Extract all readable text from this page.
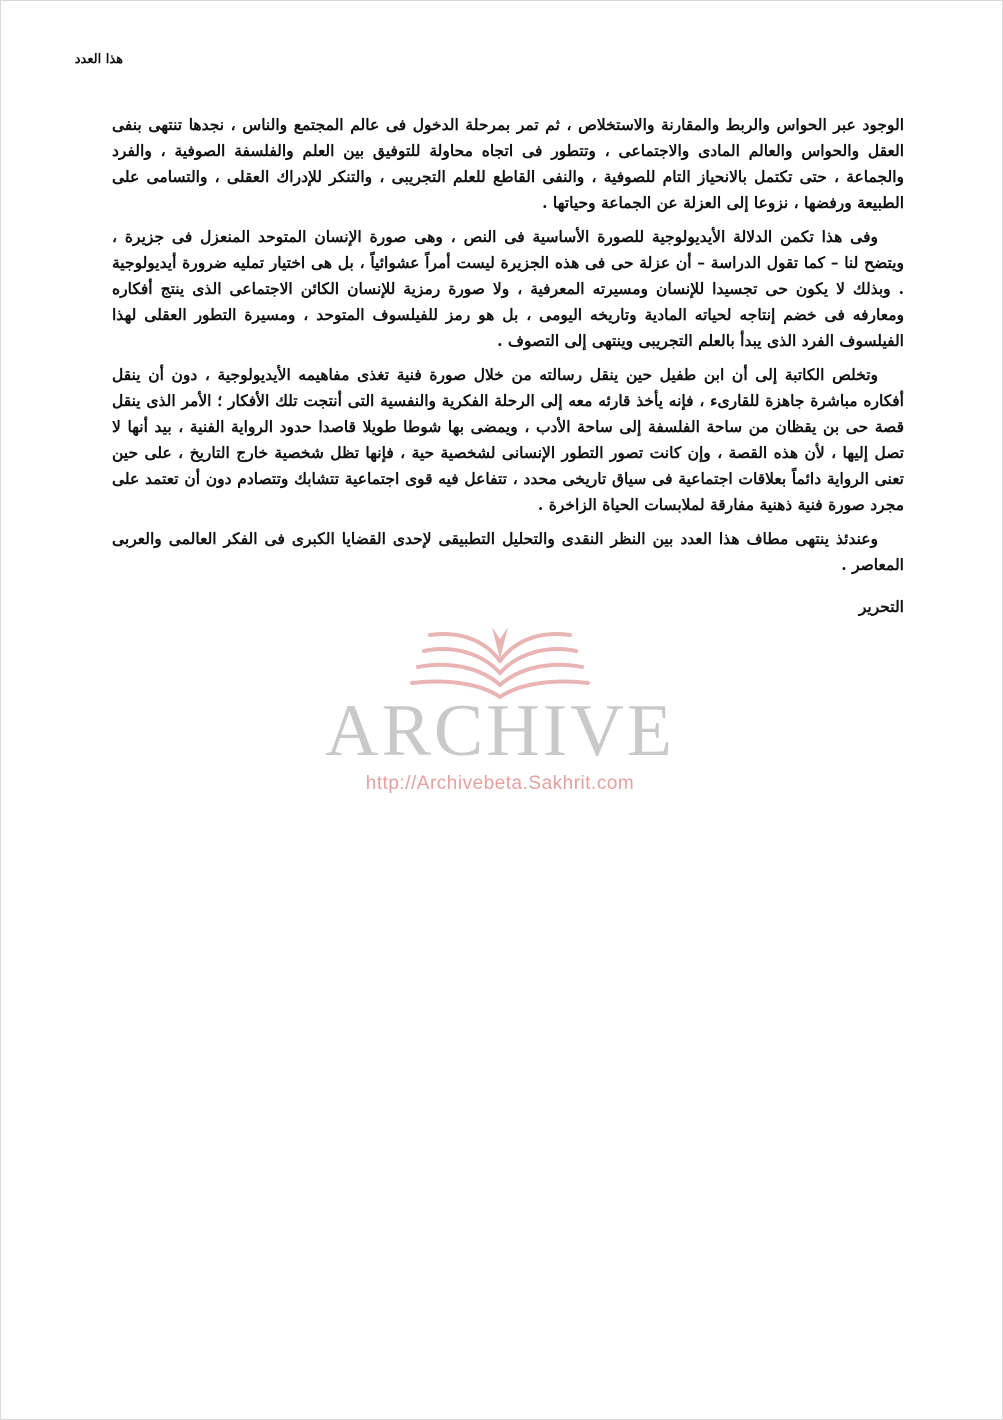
هذا العدد

الوجود عبر الحواس والربط والمقارنة والاستخلاص ، ثم تمر بمرحلة الدخول فى عالم المجتمع والناس ، نجدها تنتهى بنفى العقل والحواس والعالم المادى والاجتماعى ، وتتطور فى اتجاه محاولة للتوفيق بين العلم والفلسفة الصوفية ، والفرد والجماعة ، حتى تكتمل بالانحياز التام للصوفية ، والنفى القاطع للعلم التجريبى ، والتنكر للإدراك العقلى ، والتسامى على الطبيعة ورفضها ، نزوعا إلى العزلة عن الجماعة وحياتها .

وفى هذا تكمن الدلالة الأيديولوجية للصورة الأساسية فى النص ، وهى صورة الإنسان المتوحد المنعزل فى جزيرة ، ويتضح لنا – كما تقول الدراسة – أن عزلة حى فى هذه الجزيرة ليست أمراً عشوائياً ، بل هى اختيار تمليه ضرورة أيديولوجية . وبذلك لا يكون حى تجسيدا للإنسان ومسيرته المعرفية ، ولا صورة رمزية للإنسان الكائن الاجتماعى الذى ينتج أفكاره ومعارفه فى خضم إنتاجه لحياته المادية وتاريخه اليومى ، بل هو رمز للفيلسوف المتوحد ، ومسيرة التطور العقلى لهذا الفيلسوف الفرد الذى يبدأ بالعلم التجريبى وينتهى إلى التصوف .

وتخلص الكاتبة إلى أن ابن طفيل حين ينقل رسالته من خلال صورة فنية تغذى مفاهيمه الأيديولوجية ، دون أن ينقل أفكاره مباشرة جاهزة للقارىء ، فإنه يأخذ قارئه معه إلى الرحلة الفكرية والنفسية التى أنتجت تلك الأفكار ؛ الأمر الذى ينقل قصة حى بن يقظان من ساحة الفلسفة إلى ساحة الأدب ، ويمضى بها شوطا طويلا قاصدا حدود الرواية الفنية ، بيد أنها لا تصل إليها ، لأن هذه القصة ، وإن كانت تصور التطور الإنسانى لشخصية حية ، فإنها تظل شخصية خارج التاريخ ، على حين تعنى الرواية دائماً بعلاقات اجتماعية فى سياق تاريخى محدد ، تتفاعل فيه قوى اجتماعية تتشابك وتتصادم دون أن تعتمد على مجرد صورة فنية ذهنية مفارقة لملابسات الحياة الزاخرة .

وعندئذ ينتهى مطاف هذا العدد بين النظر النقدى والتحليل التطبيقى لإحدى القضايا الكبرى فى الفكر العالمى والعربى المعاصر .

التحرير
ARCHIVE
http://Archivebeta.Sakhrit.com
